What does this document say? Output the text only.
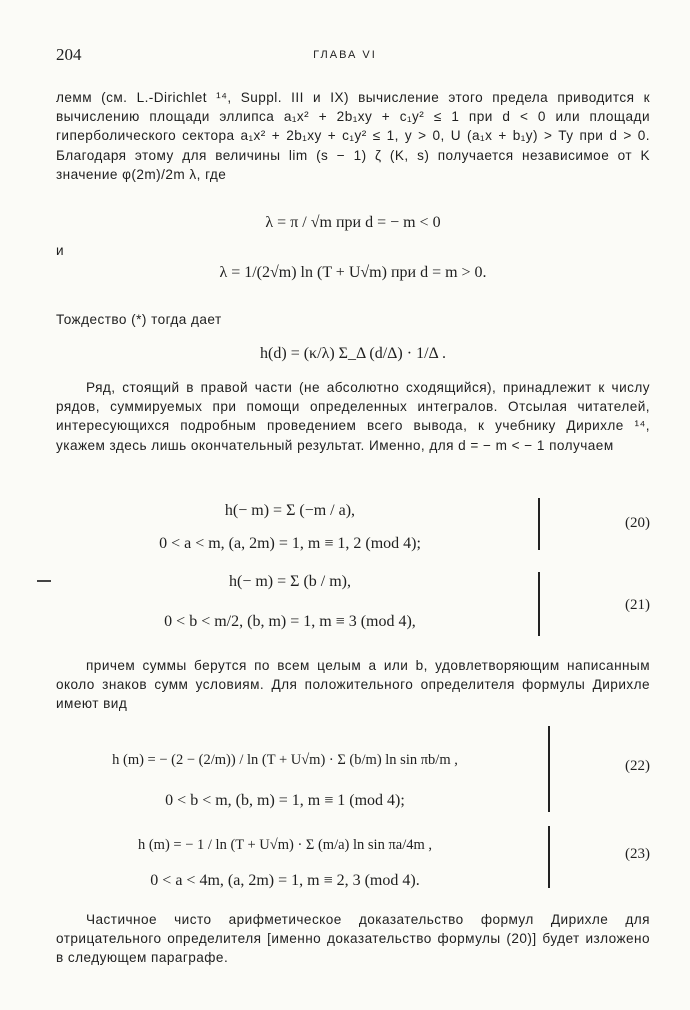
204	ГЛАВА VI
лемм (см. L.-Dirichlet ¹⁴, Suppl. III и IX) вычисление этого предела приводится к вычислению площади эллипса a₁x² + 2b₁xy + c₁y² ≤ 1 при d < 0 или площади гиперболического сектора a₁x² + 2b₁xy + c₁y² ≤ 1, y > 0, U (a₁x + b₁y) > Ty при d > 0. Благодаря этому для величины lim (s − 1) ζ (K, s) получается независимое от K значение φ(2m)/2m λ, где
λ = π / √m при d = − m < 0
и
λ = 1/(2√m) ln (T + U√m) при d = m > 0.
Тождество (*) тогда дает
h(d) = (κ/λ) Σ_Δ (d/Δ) · 1/Δ .
Ряд, стоящий в правой части (не абсолютно сходящийся), принадлежит к числу рядов, суммируемых при помощи определенных интегралов. Отсылая читателей, интересующихся подробным проведением всего вывода, к учебнику Дирихле ¹⁴, укажем здесь лишь окончательный результат. Именно, для d = − m < − 1 получаем
h(− m) = Σ (−m / a),
0 < a < m, (a, 2m) = 1, m ≡ 1, 2 (mod 4);
(20)
h(− m) = Σ (b / m),
0 < b < m/2, (b, m) = 1, m ≡ 3 (mod 4),
(21)
причем суммы берутся по всем целым a или b, удовлетворяющим написанным около знаков сумм условиям. Для положительного определителя формулы Дирихле имеют вид
h (m) = − (2 − (2/m)) / ln (T + U√m) · Σ (b/m) ln sin πb/m ,
0 < b < m, (b, m) = 1, m ≡ 1 (mod 4);
(22)
h (m) = − 1 / ln (T + U√m) · Σ (m/a) ln sin πa/4m ,
0 < a < 4m, (a, 2m) = 1, m ≡ 2, 3 (mod 4).
(23)
Частичное чисто арифметическое доказательство формул Дирихле для отрицательного определителя [именно доказательство формулы (20)] будет изложено в следующем параграфе.
